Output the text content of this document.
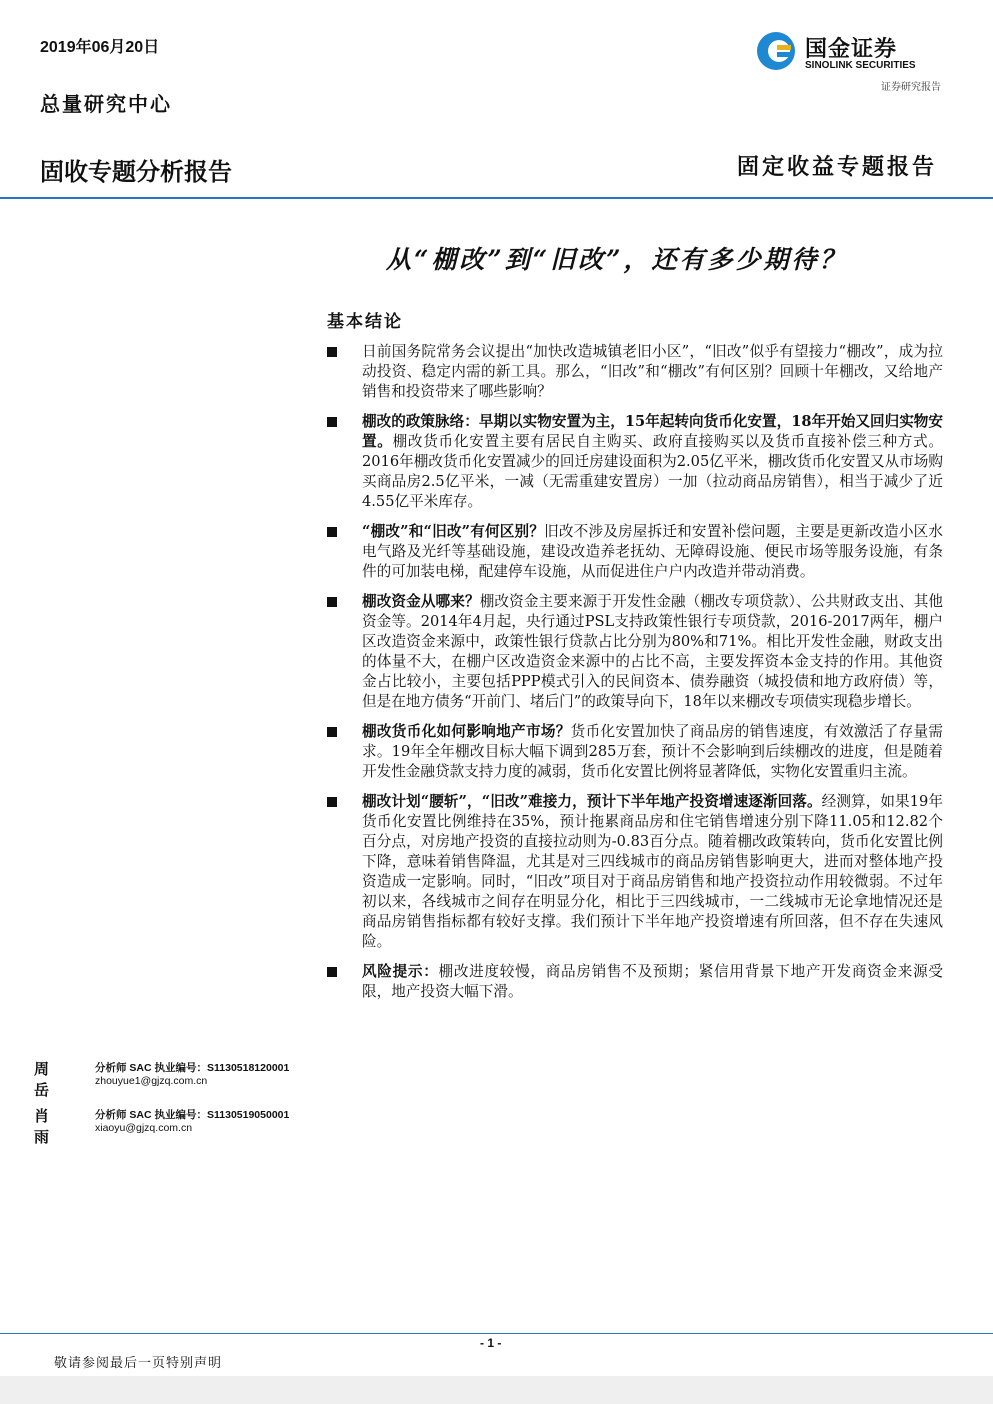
2019年06月20日
总量研究中心
固收专题分析报告	固定收益专题报告
国金证券
SINOLINK SECURITIES
证券研究报告
从“棚改”到“旧改”，还有多少期待？
基本结论
日前国务院常务会议提出“加快改造城镇老旧小区”，“旧改”似乎有望接力“棚改”，成为拉动投资、稳定内需的新工具。那么，“旧改”和“棚改”有何区别？回顾十年棚改，又给地产销售和投资带来了哪些影响？
棚改的政策脉络：早期以实物安置为主，15年起转向货币化安置，18年开始又回归实物安置。棚改货币化安置主要有居民自主购买、政府直接购买以及货币直接补偿三种方式。2016年棚改货币化安置减少的回迁房建设面积为2.05亿平米，棚改货币化安置又从市场购买商品房2.5亿平米，一减（无需重建安置房）一加（拉动商品房销售），相当于减少了近4.55亿平米库存。
“棚改”和“旧改”有何区别？旧改不涉及房屋拆迁和安置补偿问题，主要是更新改造小区水电气路及光纤等基础设施，建设改造养老抚幼、无障碍设施、便民市场等服务设施，有条件的可加装电梯，配建停车设施，从而促进住户户内改造并带动消费。
棚改资金从哪来？棚改资金主要来源于开发性金融（棚改专项贷款）、公共财政支出、其他资金等。2014年4月起，央行通过PSL支持政策性银行专项贷款，2016-2017两年，棚户区改造资金来源中，政策性银行贷款占比分别为80%和71%。相比开发性金融，财政支出的体量不大，在棚户区改造资金来源中的占比不高，主要发挥资本金支持的作用。其他资金占比较小，主要包括PPP模式引入的民间资本、债券融资（城投债和地方政府债）等，但是在地方债务“开前门、堵后门”的政策导向下，18年以来棚改专项债实现稳步增长。
棚改货币化如何影响地产市场？货币化安置加快了商品房的销售速度，有效激活了存量需求。19年全年棚改目标大幅下调到285万套，预计不会影响到后续棚改的进度，但是随着开发性金融贷款支持力度的减弱，货币化安置比例将显著降低，实物化安置重归主流。
棚改计划“腰斩”，“旧改”难接力，预计下半年地产投资增速逐渐回落。经测算，如果19年货币化安置比例维持在35%，预计拖累商品房和住宅销售增速分别下降11.05和12.82个百分点，对房地产投资的直接拉动则为-0.83百分点。随着棚改政策转向，货币化安置比例下降，意味着销售降温，尤其是对三四线城市的商品房销售影响更大，进而对整体地产投资造成一定影响。同时，“旧改”项目对于商品房销售和地产投资拉动作用较微弱。不过年初以来，各线城市之间存在明显分化，相比于三四线城市，一二线城市无论拿地情况还是商品房销售指标都有较好支撑。我们预计下半年地产投资增速有所回落，但不存在失速风险。
风险提示：棚改进度较慢，商品房销售不及预期；紧信用背景下地产开发商资金来源受限，地产投资大幅下滑。
周岳
分析师 SAC 执业编号：S1130518120001
zhouyue1@gjzq.com.cn
肖雨
分析师 SAC 执业编号：S1130519050001
xiaoyu@gjzq.com.cn
- 1 -
敬请参阅最后一页特别声明
